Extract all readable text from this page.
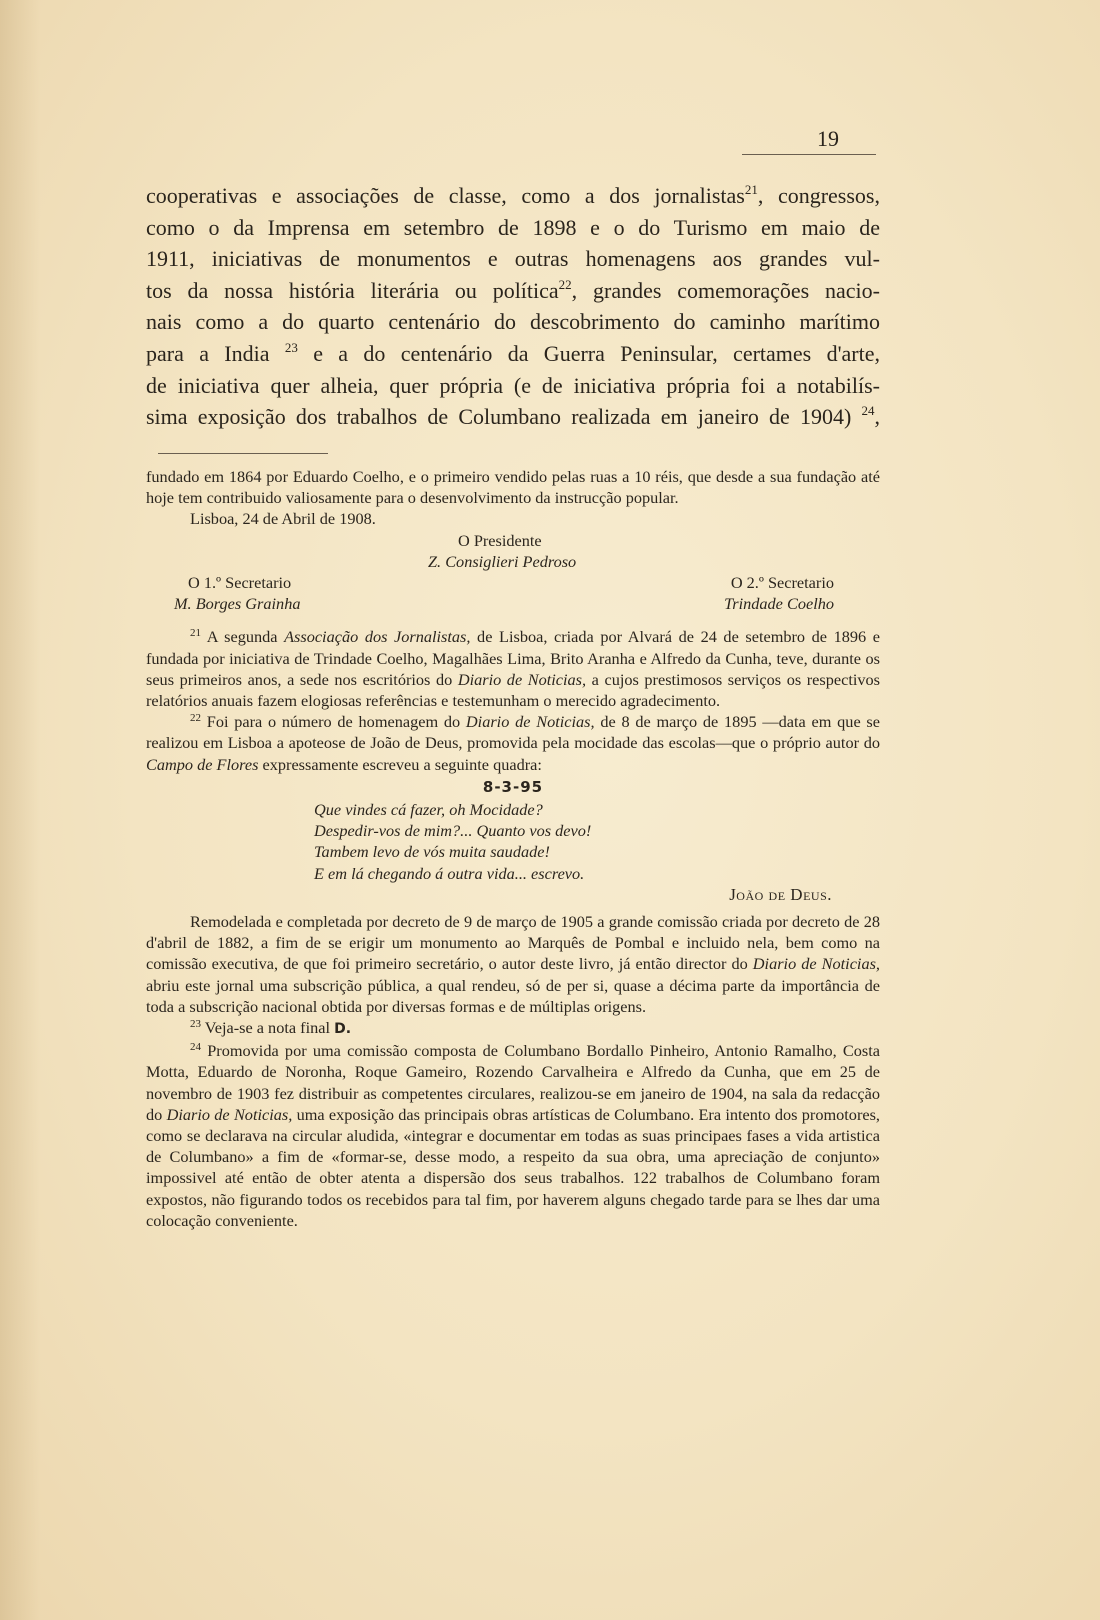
19

cooperativas e associações de classe, como a dos jornalistas$^{21}$, congressos,

como o da Imprensa em setembro de 1898 e o do Turismo em maio de

1911, iniciativas de monumentos e outras homenagens aos grandes vul-

tos da nossa história literária ou política$^{22}$, grandes comemorações nacio-

nais como a do quarto centenário do descobrimento do caminho marítimo

para a India $^{23}$ e a do centenário da Guerra Peninsular, certames d'arte,

de iniciativa quer alheia, quer própria (e de iniciativa própria foi a notabilís-

sima exposição dos trabalhos de Columbano realizada em janeiro de 1904) $^{24}$,

fundado em 1864 por Eduardo Coelho, e o primeiro vendido pelas ruas a 10 réis, que desde a sua fundação até hoje tem contribuido valiosamente para o desenvolvimento da instrucção popular.

Lisboa, 24 de Abril de 1908.

O Presidente
Z. Consiglieri Pedroso
O 1.º Secretario	O 2.º Secretario
M. Borges Grainha	Trindade Coelho

$^{21}$ A segunda Associação dos Jornalistas, de Lisboa, criada por Alvará de 24 de setembro de 1896 e fundada por iniciativa de Trindade Coelho, Magalhães Lima, Brito Aranha e Alfredo da Cunha, teve, durante os seus primeiros anos, a sede nos escritórios do Diario de Noticias, a cujos prestimosos serviços os respectivos relatórios anuais fazem elogiosas referências e testemunham o merecido agradecimento.

$^{22}$ Foi para o número de homenagem do Diario de Noticias, de 8 de março de 1895 —data em que se realizou em Lisboa a apoteose de João de Deus, promovida pela mocidade das escolas—que o próprio autor do Campo de Flores expressamente escreveu a seguinte quadra:

8-3-95
Que vindes cá fazer, oh Mocidade?
Despedir-vos de mim?... Quanto vos devo!
Tambem levo de vós muita saudade!
E em lá chegando á outra vida... escrevo.
João de Deus.

Remodelada e completada por decreto de 9 de março de 1905 a grande comissão criada por decreto de 28 d'abril de 1882, a fim de se erigir um monumento ao Marquês de Pombal e incluido nela, bem como na comissão executiva, de que foi primeiro secretário, o autor deste livro, já então director do Diario de Noticias, abriu este jornal uma subscrição pública, a qual rendeu, só de per si, quase a décima parte da importância de toda a subscrição nacional obtida por diversas formas e de múltiplas origens.

$^{23}$ Veja-se a nota final D.

$^{24}$ Promovida por uma comissão composta de Columbano Bordallo Pinheiro, Antonio Ramalho, Costa Motta, Eduardo de Noronha, Roque Gameiro, Rozendo Carvalheira e Alfredo da Cunha, que em 25 de novembro de 1903 fez distribuir as competentes circulares, realizou-se em janeiro de 1904, na sala da redacção do Diario de Noticias, uma exposição das principais obras artísticas de Columbano. Era intento dos promotores, como se declarava na circular aludida, «integrar e documentar em todas as suas principaes fases a vida artistica de Columbano» a fim de «formar-se, desse modo, a respeito da sua obra, uma apreciação de conjunto» impossivel até então de obter atenta a dispersão dos seus trabalhos. 122 trabalhos de Columbano foram expostos, não figurando todos os recebidos para tal fim, por haverem alguns chegado tarde para se lhes dar uma colocação conveniente.
